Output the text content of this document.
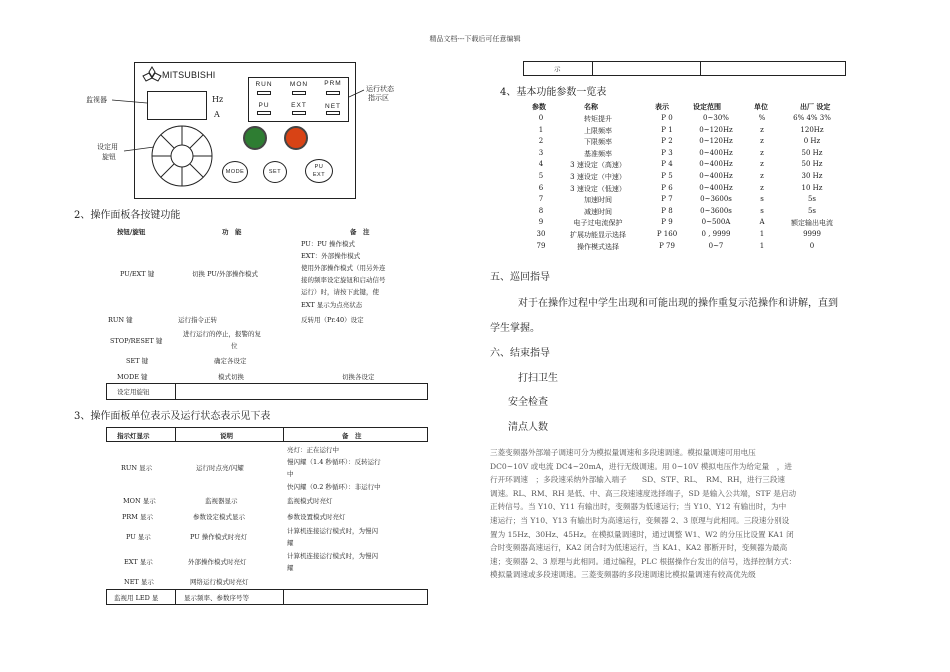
精品文档---下载后可任意编辑
MITSUBISHI
Hz
A
RUN	MON	PRM
PU	EXT	NET
MODE	SET
PU
EXT
监视器
设定用
旋钮
运行状态
指示区
2、操作面板各按键功能
按钮/旋钮	功　能	备　注
PU/EXT 键	切换 PU/外部操作模式
PU：PU 操作模式
EXT：外部操作模式
使用外部操作模式（用另外连
接的频率设定旋钮和启动信号
运行）时，请按下此键，使
EXT 显示为点亮状态
RUN 键	运行指令正转	反转用（Pr.40）设定
STOP/RESET 键
进行运行的停止，报警的复
位
SET 键	确定各设定
MODE 键	模式切换	切换各设定
设定用旋钮
3、操作面板单位表示及运行状态表示见下表
指示灯显示	说明	备　注
RUN 显示	运行时点亮/闪耀
亮灯：正在运行中
慢闪耀（1.4 秒循环）：反转运行
中
快闪耀（0.2 秒循环）：非运行中
MON 显示	监视器显示	监视模式时亮灯
PRM 显示	参数设定模式显示	参数设置模式时亮灯
PU 显示	PU 操作模式时亮灯
计算机连接运行模式时，为慢闪
耀
EXT 显示	外部操作模式时亮灯
计算机连接运行模式时，为慢闪
耀
NET 显示	网络运行模式时亮灯
监视用 LED 显	显示频率、参数序号等
示
4、基本功能参数一览表
参数	名称	表示	设定范围	单位	出厂 设定
0	转矩提升	P 0	0~30%	%	6% 4% 3%
1	上限频率	P 1	0~120Hz	z	120Hz
2	下限频率	P 2	0~120Hz	z	0 Hz
3	基准频率	P 3	0~400Hz	z	50 Hz
4	3 速设定（高速）	P 4	0~400Hz	z	50 Hz
5	3 速设定（中速）	P 5	0~400Hz	z	30 Hz
6	3 速设定（低速）	P 6	0~400Hz	z	10 Hz
7	加速时间	P 7	0~3600s	s	5s
8	减速时间	P 8	0~3600s	s	5s
9	电子过电流保护	P 9	0~500A	A	额定输出电流
30	扩展功能显示选择	P 160	0 , 9999	1	9999
79	操作模式选择	P 79	0~7	1	0
五、巡回指导
对于在操作过程中学生出现和可能出现的操作重复示范操作和讲解，直到
学生掌握。
六、结束指导
打扫卫生
安全检查
清点人数
三菱变频器外部端子调速可分为模拟量调速和多段速调速。模拟量调速可用电压
DC0~10V 或电流 DC4~20mA，进行无级调速。用 0~10V 模拟电压作为给定量　，进
行开环调速　；多段速采纳外部输入端子　　SD、STF、RL、　RM、RH，进行三段速
调速。RL、RM、RH 是低、中、高三段速速度选择端子，SD 是输入公共端，STF 是启动
正转信号。当 Y10、Y11 有输出时，变频器为低速运行；当 Y10、Y12 有输出时，为中
速运行；当 Y10、Y13 有输出时为高速运行，变频器 2、3 原理与此相同。三段速分别设
置为 15Hz、30Hz、45Hz。在模拟量调速时，通过调整 W1、W2 的分压比设置 KA1 闭
合时变频器高速运行，KA2 闭合时为低速运行，当 KA1、KA2 都断开时，变频器为最高
速；变频器 2、3 原理与此相同。通过编程，PLC 根据操作台发出的信号，选择控制方式：
模拟量调速或多段速调速。三菱变频器的多段速调速比模拟量调速有较高优先级
